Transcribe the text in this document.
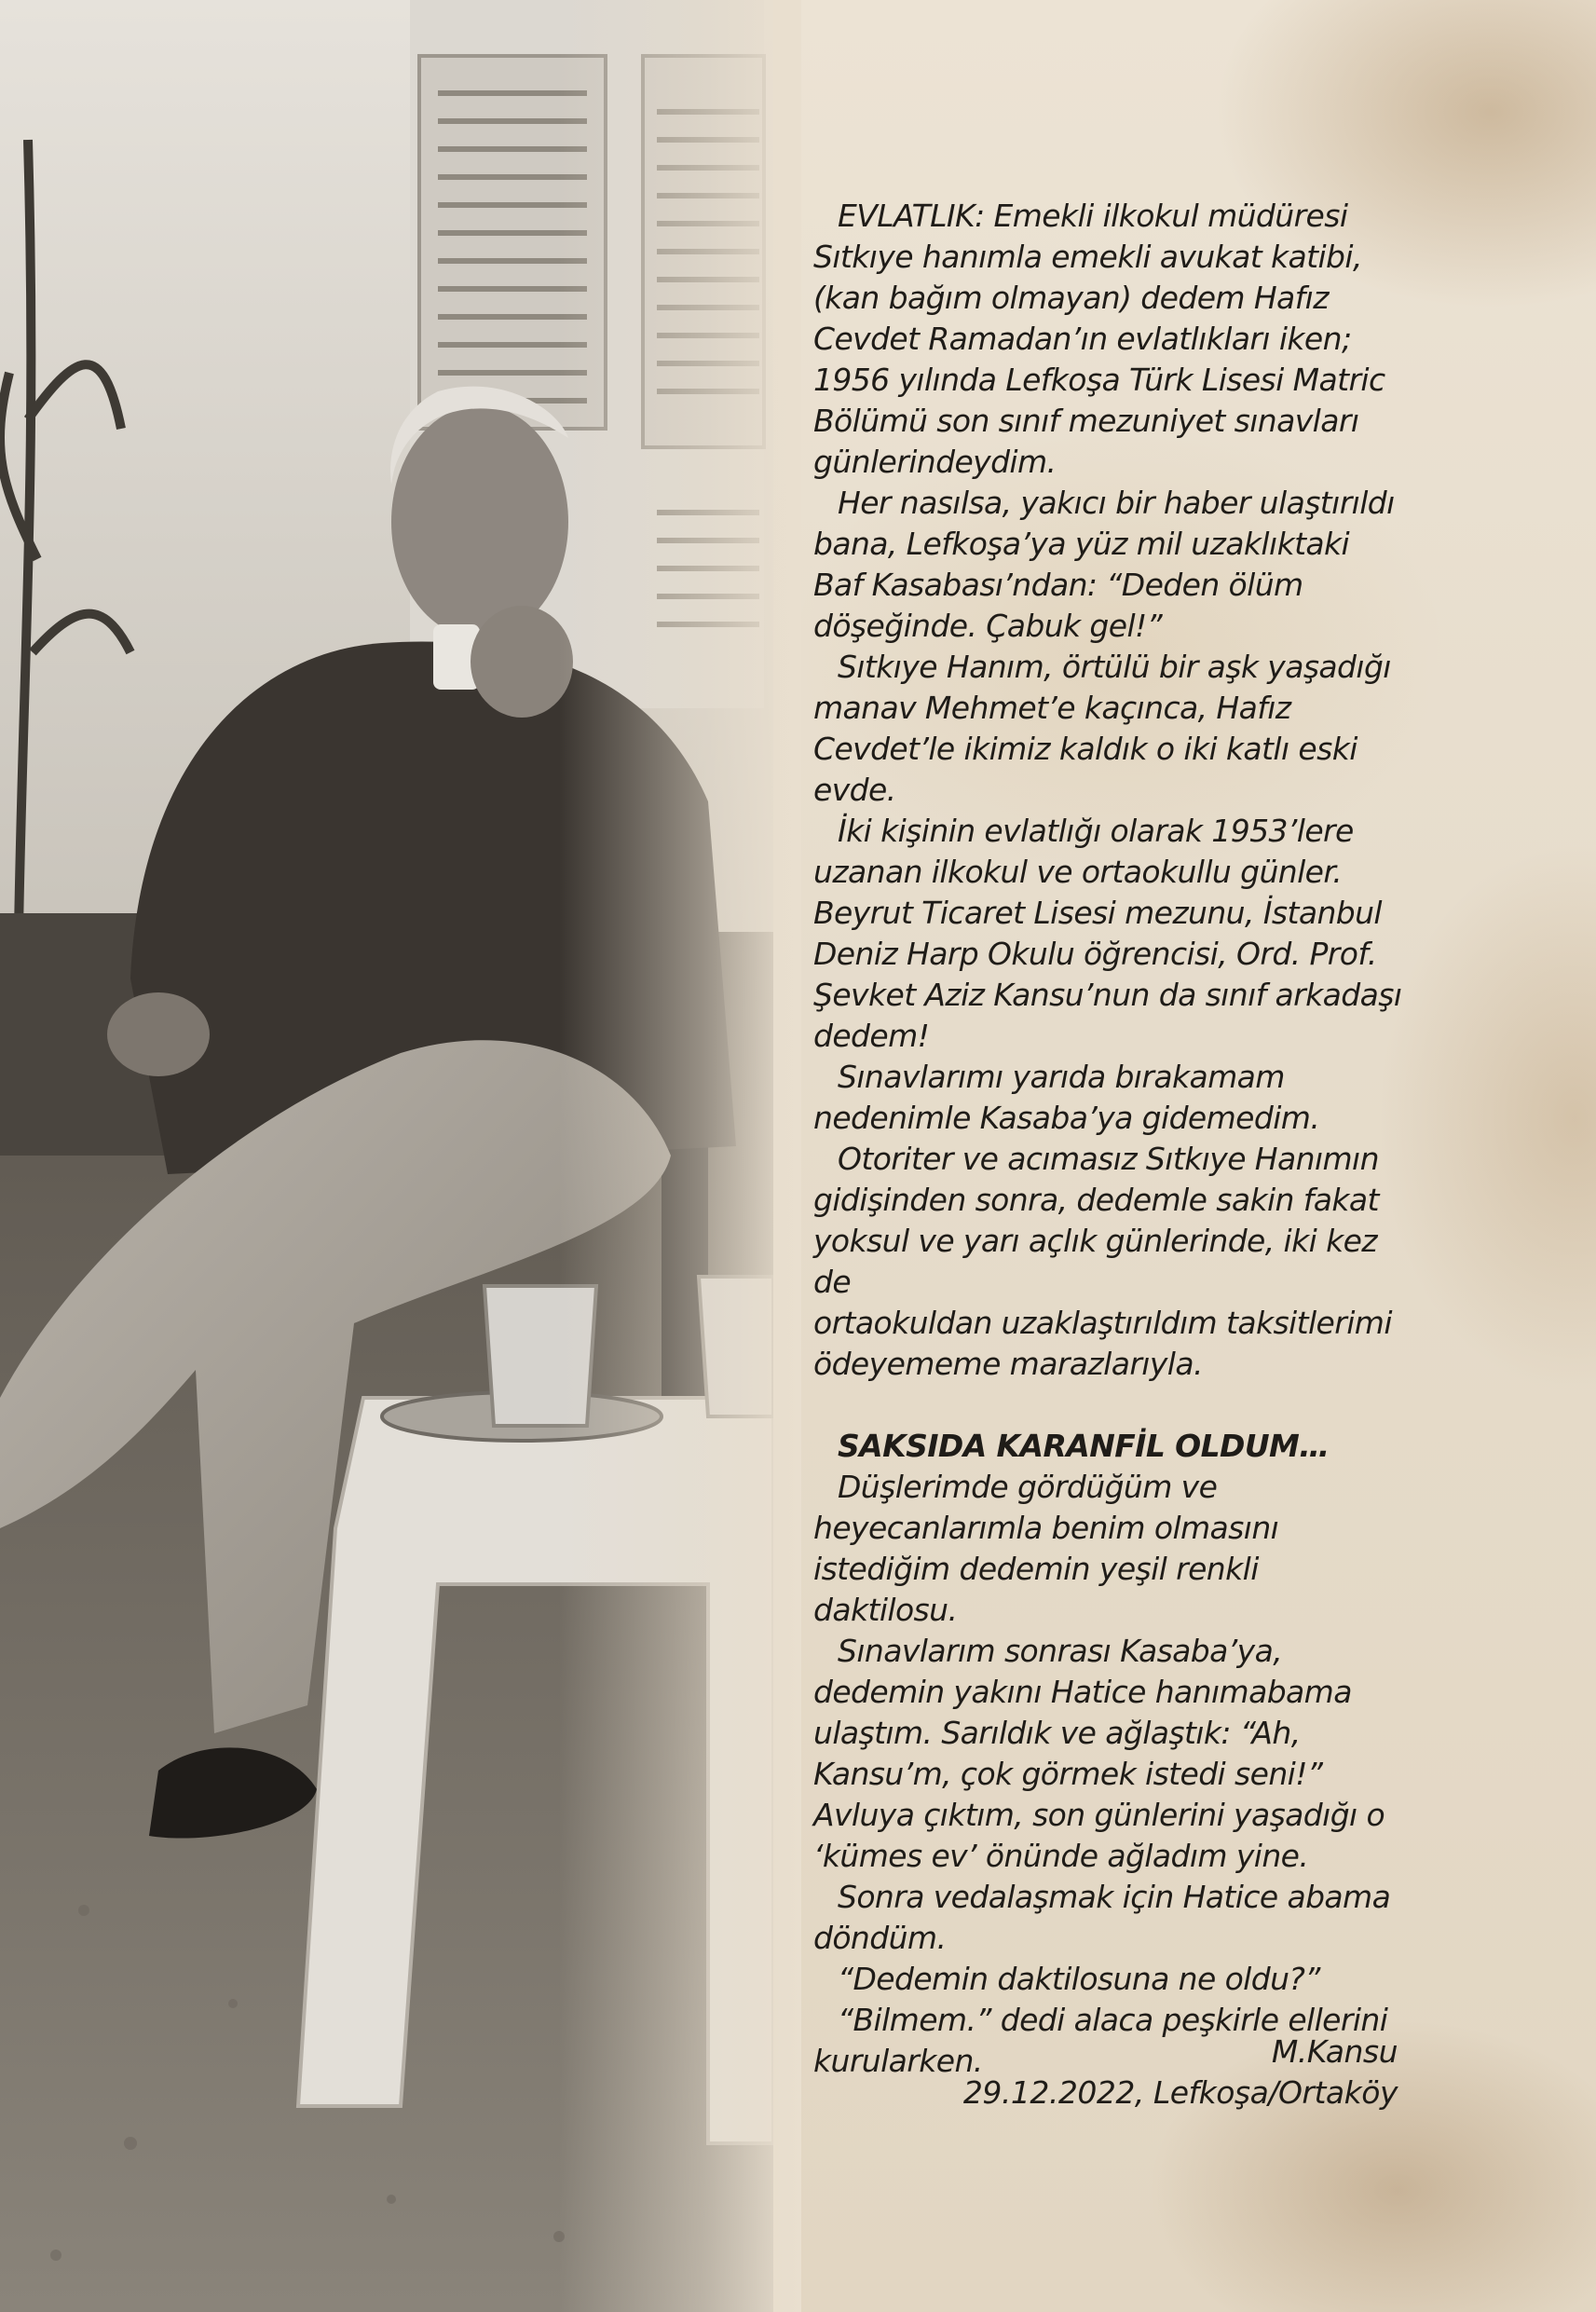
EVLATLIK: Emekli ilkokul müdüresi
Sıtkıye hanımla emekli avukat katibi,
(kan bağım olmayan) dedem Hafız
Cevdet Ramadan’ın evlatlıkları iken;
1956 yılında Lefkoşa Türk Lisesi Matric
Bölümü son sınıf mezuniyet sınavları
günlerindeydim.

Her nasılsa, yakıcı bir haber ulaştırıldı
bana, Lefkoşa’ya yüz mil uzaklıktaki
Baf Kasabası’ndan: “Deden ölüm
döşeğinde. Çabuk gel!”

Sıtkıye Hanım, örtülü bir aşk yaşadığı
manav Mehmet’e kaçınca, Hafız
Cevdet’le ikimiz kaldık o iki katlı eski
evde.

İki kişinin evlatlığı olarak 1953’lere
uzanan ilkokul ve ortaokullu günler.
Beyrut Ticaret Lisesi mezunu, İstanbul
Deniz Harp Okulu öğrencisi, Ord. Prof.
Şevket Aziz Kansu’nun da sınıf arkadaşı
dedem!

Sınavlarımı yarıda bırakamam
nedenimle Kasaba’ya gidemedim.

Otoriter ve acımasız Sıtkıye Hanımın
gidişinden sonra, dedemle sakin fakat
yoksul ve yarı açlık günlerinde, iki kez de
ortaokuldan uzaklaştırıldım taksitlerimi
ödeyememe marazlarıyla.

SAKSIDA KARANFİL OLDUM…

Düşlerimde gördüğüm ve
heyecanlarımla benim olmasını
istediğim dedemin yeşil renkli daktilosu.

Sınavlarım sonrası Kasaba’ya,
dedemin yakını Hatice hanımabama
ulaştım. Sarıldık ve ağlaştık: “Ah,
Kansu’m, çok görmek istedi seni!”
Avluya çıktım, son günlerini yaşadığı o
‘kümes ev’ önünde ağladım yine.

Sonra vedalaşmak için Hatice abama
döndüm.

“Dedemin daktilosuna ne oldu?”

“Bilmem.” dedi alaca peşkirle ellerini
kurularken.	M.Kansu
29.12.2022, Lefkoşa/Ortaköy
